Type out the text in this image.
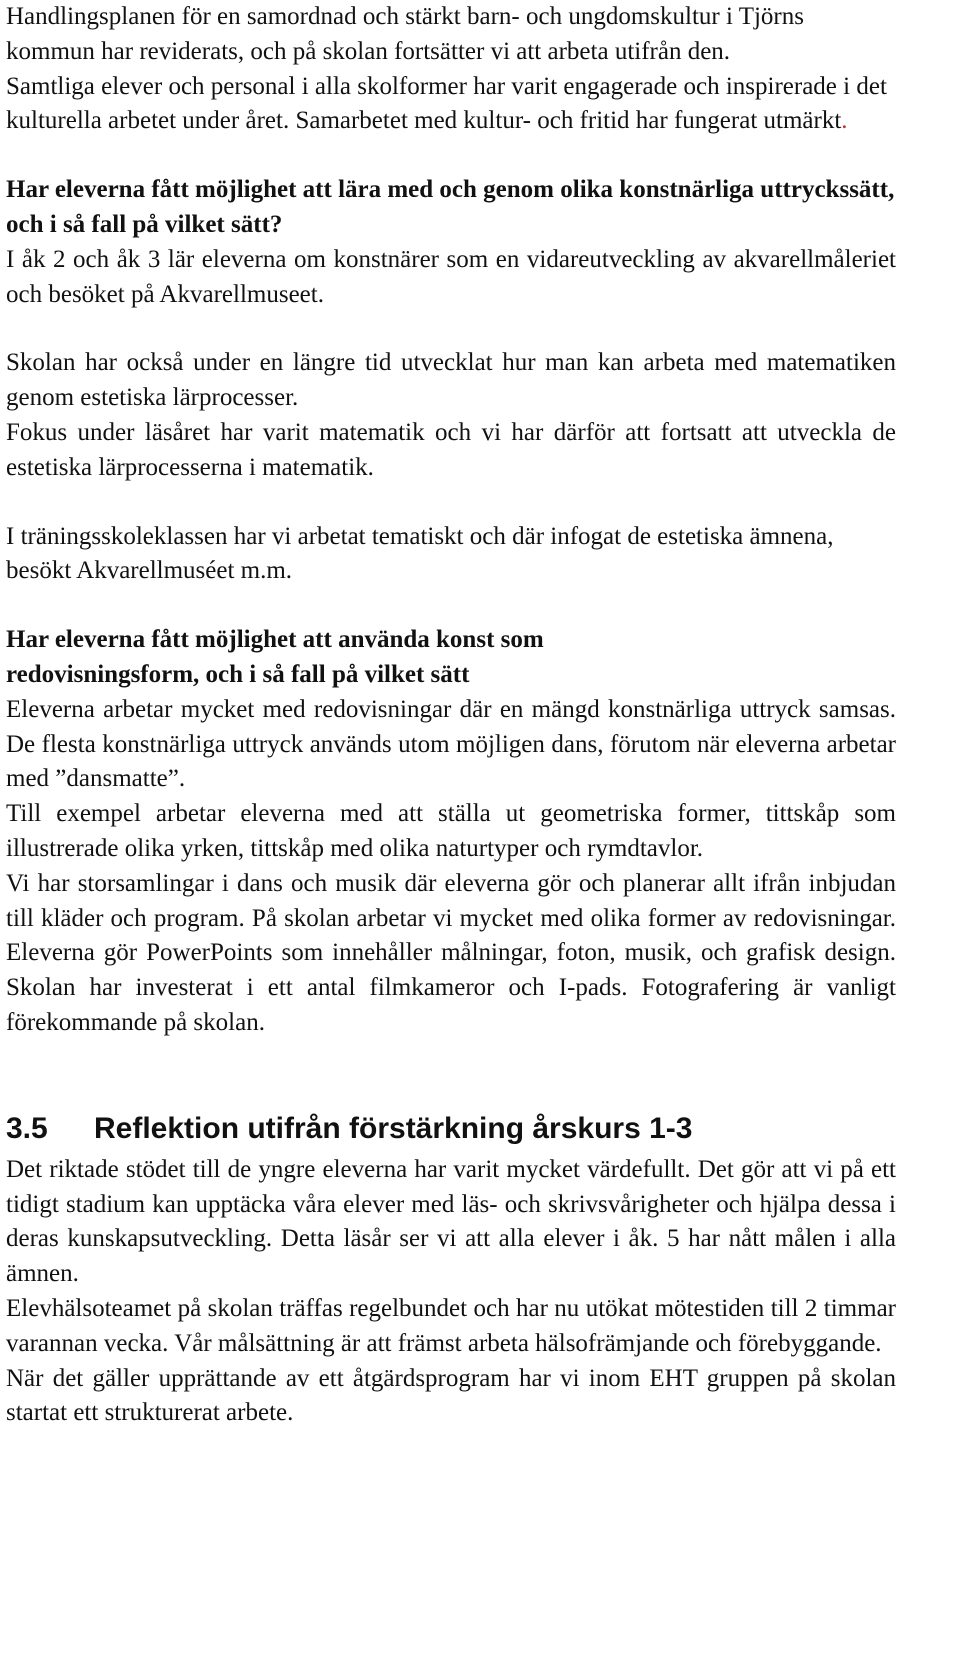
Handlingsplanen för en samordnad och stärkt barn- och ungdomskultur i Tjörns kommun har reviderats, och på skolan fortsätter vi att arbeta utifrån den.

Samtliga elever och personal i alla skolformer har varit engagerade och inspirerade i det kulturella arbetet under året. Samarbetet med kultur- och fritid har fungerat utmärkt.

Har eleverna fått möjlighet att lära med och genom olika konstnärliga uttryckssätt, och i så fall på vilket sätt?

I åk 2 och åk 3 lär eleverna om konstnärer som en vidareutveckling av akvarellmåleriet och besöket på Akvarellmuseet.

Skolan har också under en längre tid utvecklat hur man kan arbeta med matematiken genom estetiska lärprocesser.

Fokus under läsåret har varit matematik och vi har därför att fortsatt att utveckla de estetiska lärprocesserna i matematik.

I träningsskoleklassen har vi arbetat tematiskt och där infogat de estetiska ämnena, besökt Akvarellmuséet m.m.

Har eleverna fått möjlighet att använda konst som redovisningsform, och i så fall på vilket sätt

Eleverna arbetar mycket med redovisningar där en mängd konstnärliga uttryck samsas. De flesta konstnärliga uttryck används utom möjligen dans, förutom när eleverna arbetar med ”dansmatte”.

Till exempel arbetar eleverna med att ställa ut geometriska former, tittskåp som illustrerade olika yrken, tittskåp med olika naturtyper och rymdtavlor.

Vi har storsamlingar i dans och musik där eleverna gör och planerar allt ifrån inbjudan till kläder och program. På skolan arbetar vi mycket med olika former av redovisningar. Eleverna gör PowerPoints som innehåller målningar, foton, musik, och grafisk design. Skolan har investerat i ett antal filmkameror och I-pads. Fotografering är vanligt förekommande på skolan.

3.5 Reflektion utifrån förstärkning årskurs 1-3

Det riktade stödet till de yngre eleverna har varit mycket värdefullt. Det gör att vi på ett tidigt stadium kan upptäcka våra elever med läs- och skrivsvårigheter och hjälpa dessa i deras kunskapsutveckling. Detta läsår ser vi att alla elever i åk. 5 har nått målen i alla ämnen.

Elevhälsoteamet på skolan träffas regelbundet och har nu utökat mötestiden till 2 timmar varannan vecka. Vår målsättning är att främst arbeta hälsofrämjande och förebyggande.

När det gäller upprättande av ett åtgärdsprogram har vi inom EHT gruppen på skolan startat ett strukturerat arbete.
